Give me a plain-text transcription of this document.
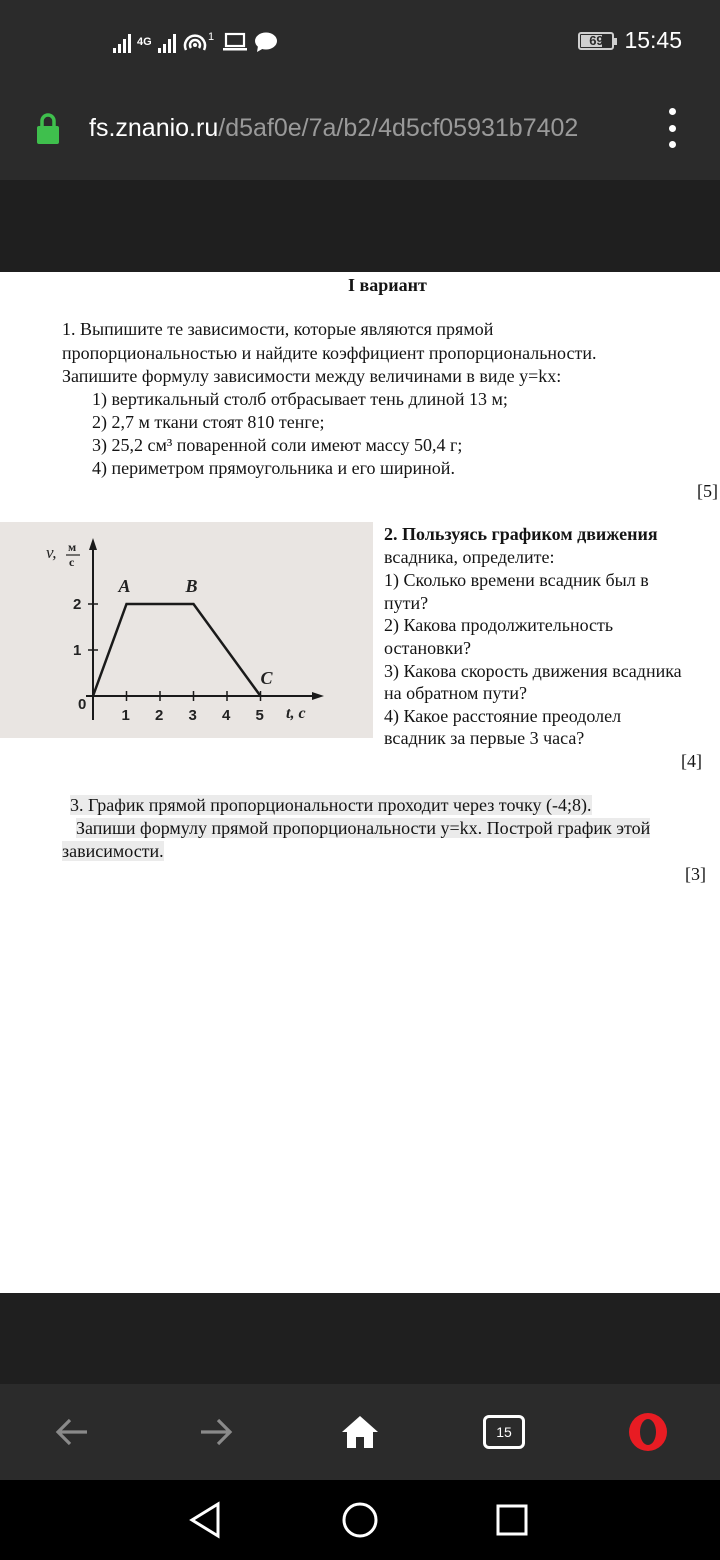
4G	1	69 15:45
fs.znanio.ru/d5af0e/7a/b2/4d5cf05931b7402
I вариант
1. Выпишите те зависимости, которые являются прямой
пропорциональностью и найдите коэффициент пропорциональности.
Запишите формулу зависимости между величинами в виде y=kx:
1) вертикальный столб отбрасывает тень длиной 13 м;
2) 2,7 м ткани стоят 810 тенге;
3) 25,2 см³ поваренной соли имеют массу 50,4 г;
4) периметром прямоугольника и его шириной.
[5]
1 2 3 4 5
1
2
A	B
C
v, м
с
0
t, с
2. Пользуясь графиком движения
всадника, определите:
1) Сколько времени всадник был в
пути?
2) Какова продолжительность
остановки?
3) Какова скорость движения всадника
на обратном пути?
4) Какое расстояние преодолел
всадник за первые 3 часа?
[4]
3. График прямой пропорциональности проходит через точку (-4;8).
Запиши формулу прямой пропорциональности y=kx. Построй график этой
зависимости.
[3]
15
